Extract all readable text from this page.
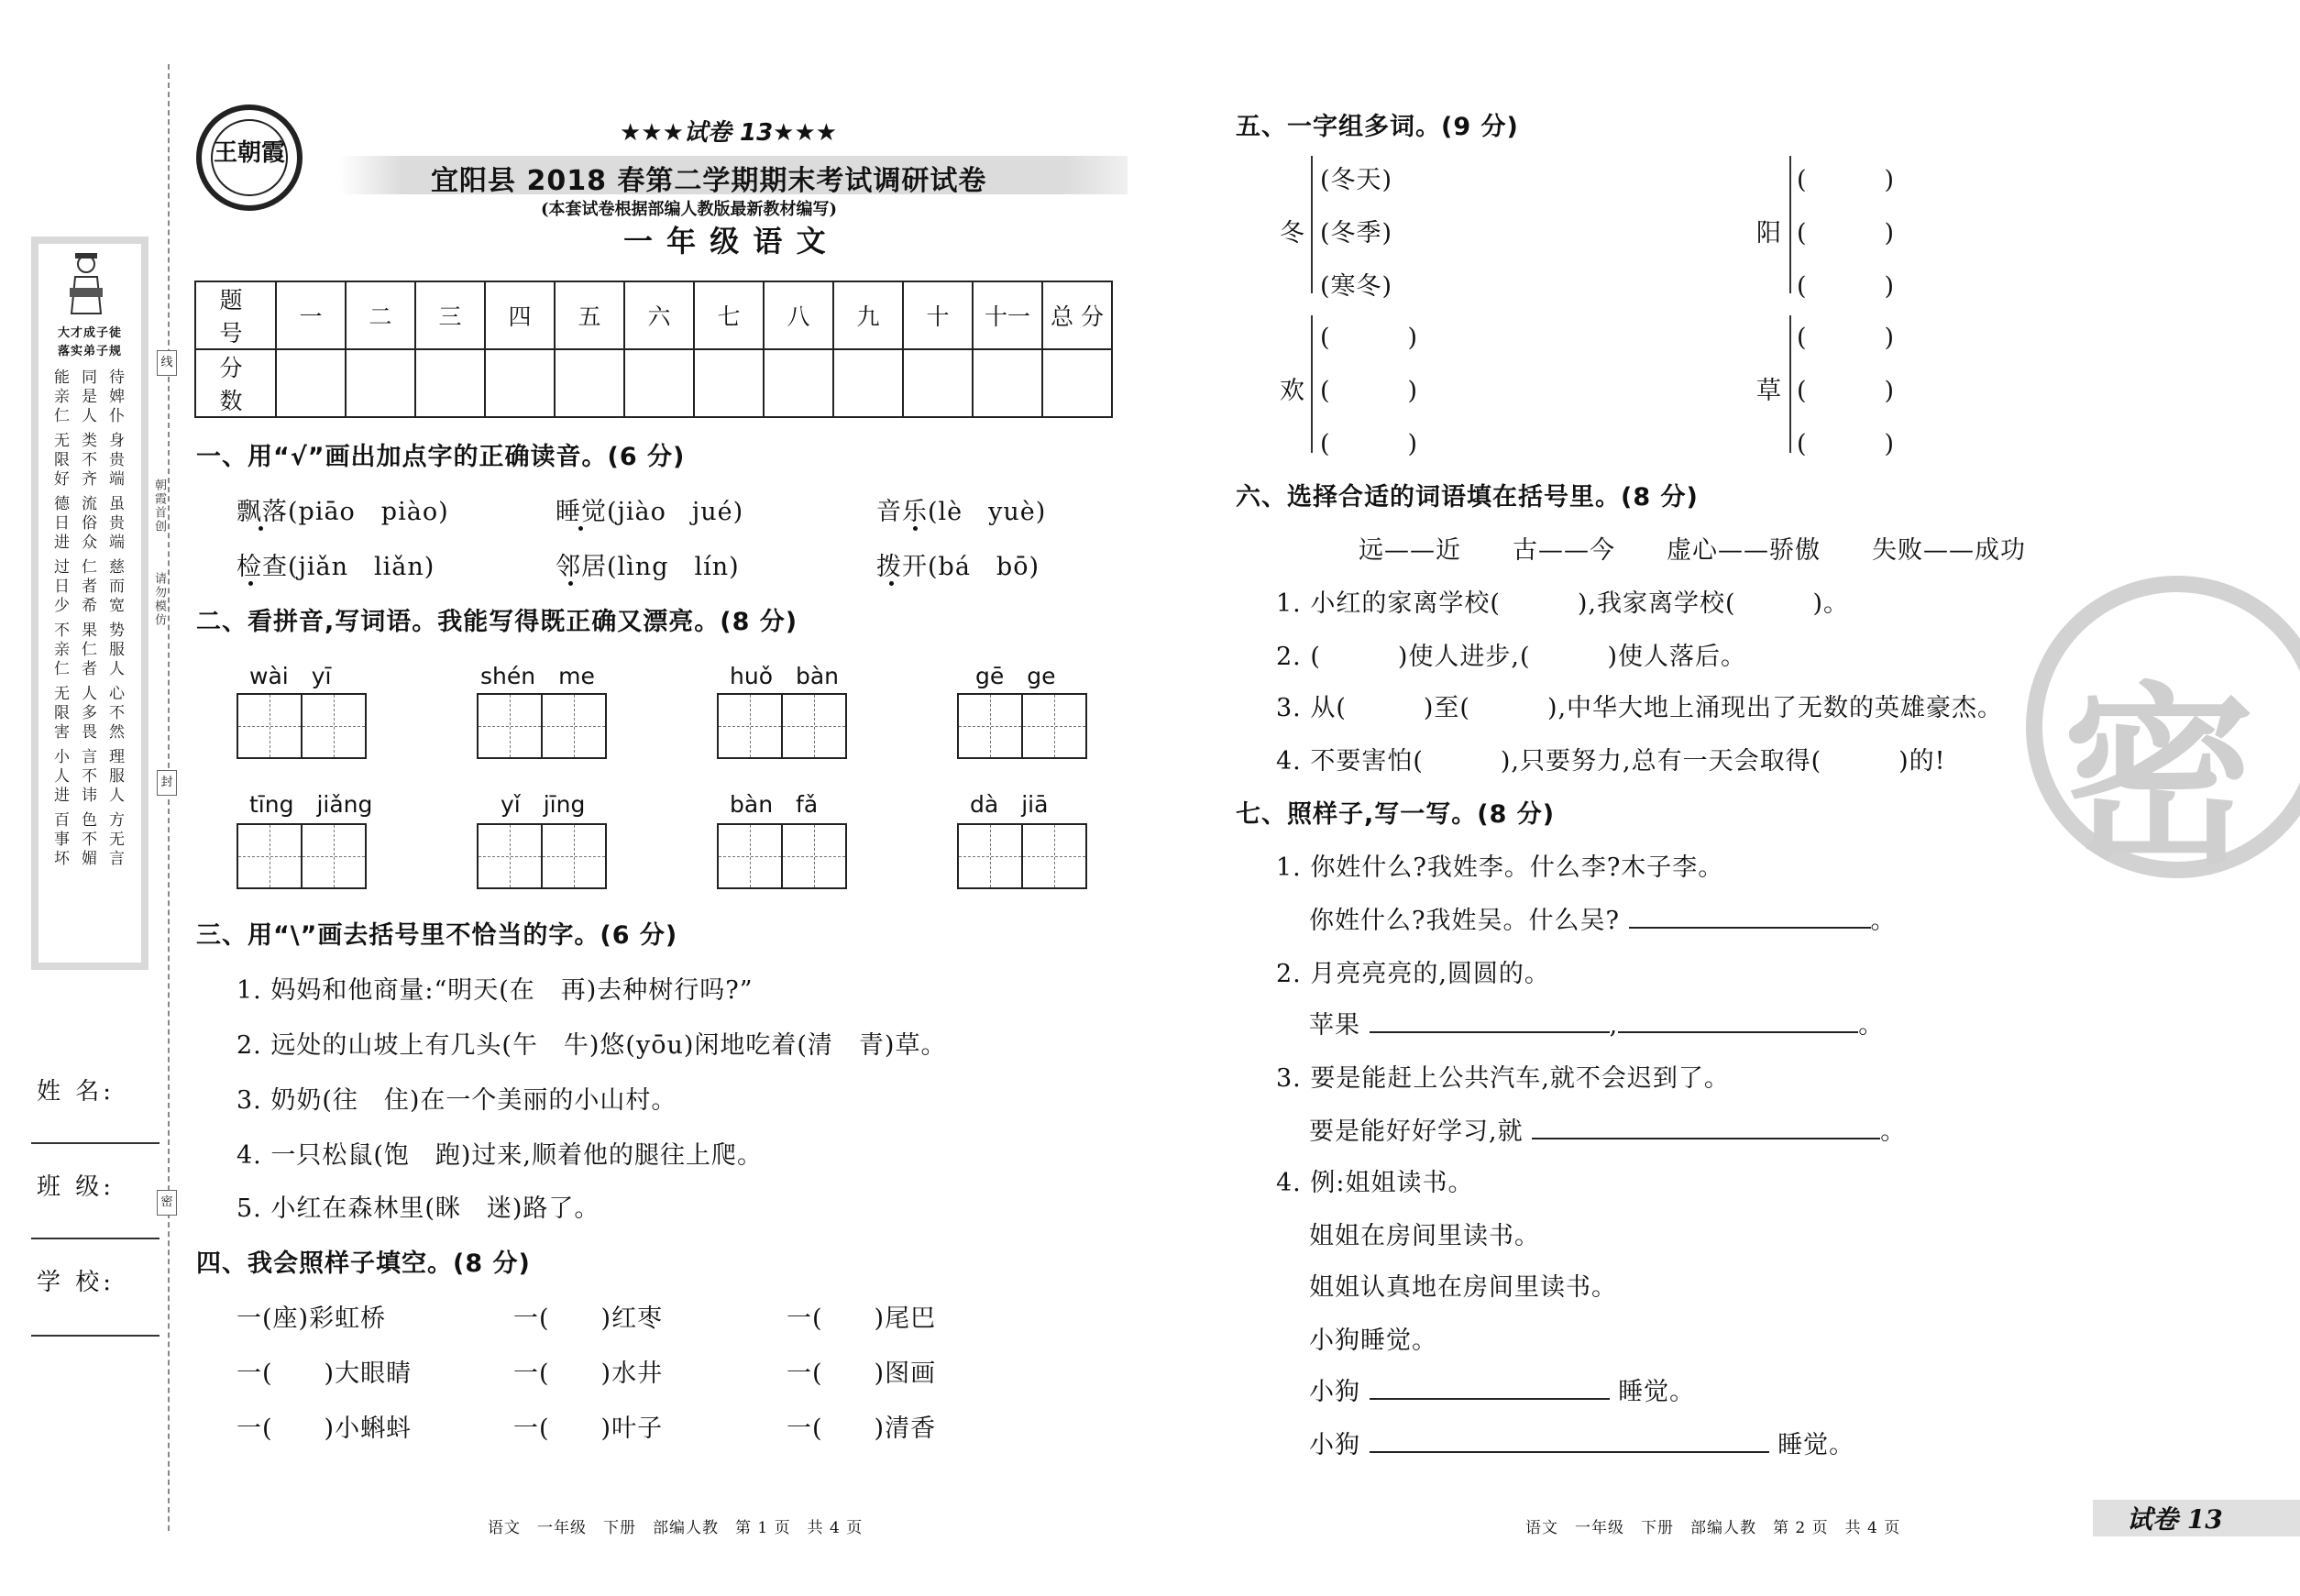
大才成子徒
落实弟子规
能亲仁 同是人 待婢仆
无限好 类不齐 身贵端
德日进 流俗众 虽贵端
过日少 仁者希 慈而宽
不亲仁 果仁者 势服人
无限害 人多畏 心不然
小人进 言不讳 理服人
百事坏 色不媚 方无言
线
封
密
朝霞首创
请勿模仿
姓 名:
班 级:
学 校:
王朝霞
★★★试卷 13★★★
宜阳县 2018 春第二学期期末考试调研试卷
(本套试卷根据部编人教版最新教材编写)
一 年 级 语 文
题 号	一	二	三	四	五	六	七	八	九	十	十一	总 分
分 数												
一、用“√”画出加点字的正确读音。(6 分)
飘落(piāo　piào)	睡觉(jiào　jué)	音乐(lè　yuè)
检查(jiǎn　liǎn)	邻居(lìng　lín)	拨开(bá　bō)
二、看拼音,写词语。我能写得既正确又漂亮。(8 分)
wài　yī	shén　me	huǒ　bàn	gē　ge
tīng　jiǎng	yǐ　jīng	bàn　fǎ	dà　jiā
三、用“\”画去括号里不恰当的字。(6 分)
1. 妈妈和他商量:“明天(在　再)去种树行吗?”
2. 远处的山坡上有几头(午　牛)悠(yōu)闲地吃着(清　青)草。
3. 奶奶(往　住)在一个美丽的小山村。
4. 一只松鼠(饱　跑)过来,顺着他的腿往上爬。
5. 小红在森林里(眯　迷)路了。
四、我会照样子填空。(8 分)
一(座)彩虹桥	一(　　)红枣	一(　　)尾巴
一(　　)大眼睛	一(　　)水井	一(　　)图画
一(　　)小蝌蚪	一(　　)叶子	一(　　)清香
语文　一年级　下册　部编人教　第 1 页　共 4 页
密
五、一字组多词。(9 分)
冬
(冬天)
(冬季)
(寒冬)
阳
(　　　)
(　　　)
(　　　)
欢
(　　　)
(　　　)
(　　　)
草
(　　　)
(　　　)
(　　　)
六、选择合适的词语填在括号里。(8 分)
远——近　　古——今　　虚心——骄傲　　失败——成功
1. 小红的家离学校(　　　),我家离学校(　　　)。
2. (　　　)使人进步,(　　　)使人落后。
3. 从(　　　)至(　　　),中华大地上涌现出了无数的英雄豪杰。
4. 不要害怕(　　　),只要努力,总有一天会取得(　　　)的!
七、照样子,写一写。(8 分)
1. 你姓什么?我姓李。什么李?木子李。
你姓什么?我姓吴。什么吴?	。
2. 月亮亮亮的,圆圆的。
苹果	,	。
3. 要是能赶上公共汽车,就不会迟到了。
要是能好好学习,就	。
4. 例:姐姐读书。
姐姐在房间里读书。
姐姐认真地在房间里读书。
小狗睡觉。
小狗	睡觉。
小狗	睡觉。
语文　一年级　下册　部编人教　第 2 页　共 4 页	试卷 13
